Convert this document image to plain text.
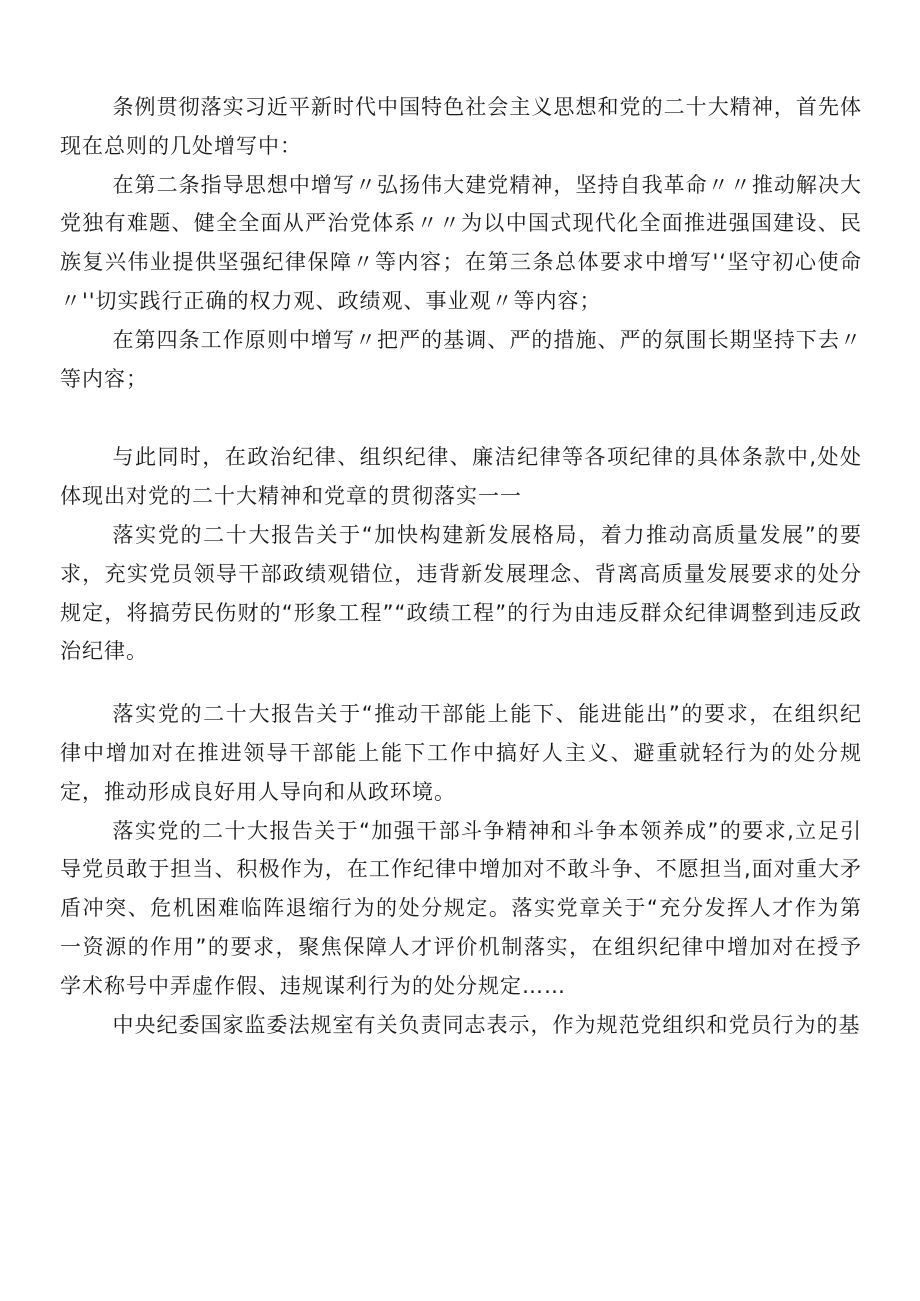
条例贯彻落实习近平新时代中国特色社会主义思想和党的二十大精神，首先体现在总则的几处增写中：

在第二条指导思想中增写〃弘扬伟大建党精神，坚持自我革命〃〃推动解决大党独有难题、健全全面从严治党体系〃〃为以中国式现代化全面推进强国建设、民族复兴伟业提供坚强纪律保障〃等内容；在第三条总体要求中增写'‘坚守初心使命〃''切实践行正确的权力观、政绩观、事业观〃等内容；

在第四条工作原则中增写〃把严的基调、严的措施、严的氛围长期坚持下去〃等内容；

与此同时，在政治纪律、组织纪律、廉洁纪律等各项纪律的具体条款中,处处体现出对党的二十大精神和党章的贯彻落实一一

落实党的二十大报告关于“加快构建新发展格局，着力推动高质量发展”的要求，充实党员领导干部政绩观错位，违背新发展理念、背离高质量发展要求的处分规定，将搞劳民伤财的“形象工程”“政绩工程”的行为由违反群众纪律调整到违反政治纪律。

落实党的二十大报告关于“推动干部能上能下、能进能出”的要求，在组织纪律中增加对在推进领导干部能上能下工作中搞好人主义、避重就轻行为的处分规定，推动形成良好用人导向和从政环境。

落实党的二十大报告关于“加强干部斗争精神和斗争本领养成”的要求,立足引导党员敢于担当、积极作为，在工作纪律中增加对不敢斗争、不愿担当,面对重大矛盾冲突、危机困难临阵退缩行为的处分规定。落实党章关于“充分发挥人才作为第一资源的作用”的要求，聚焦保障人才评价机制落实，在组织纪律中增加对在授予学术称号中弄虚作假、违规谋利行为的处分规定……

中央纪委国家监委法规室有关负责同志表示，作为规范党组织和党员行为的基
